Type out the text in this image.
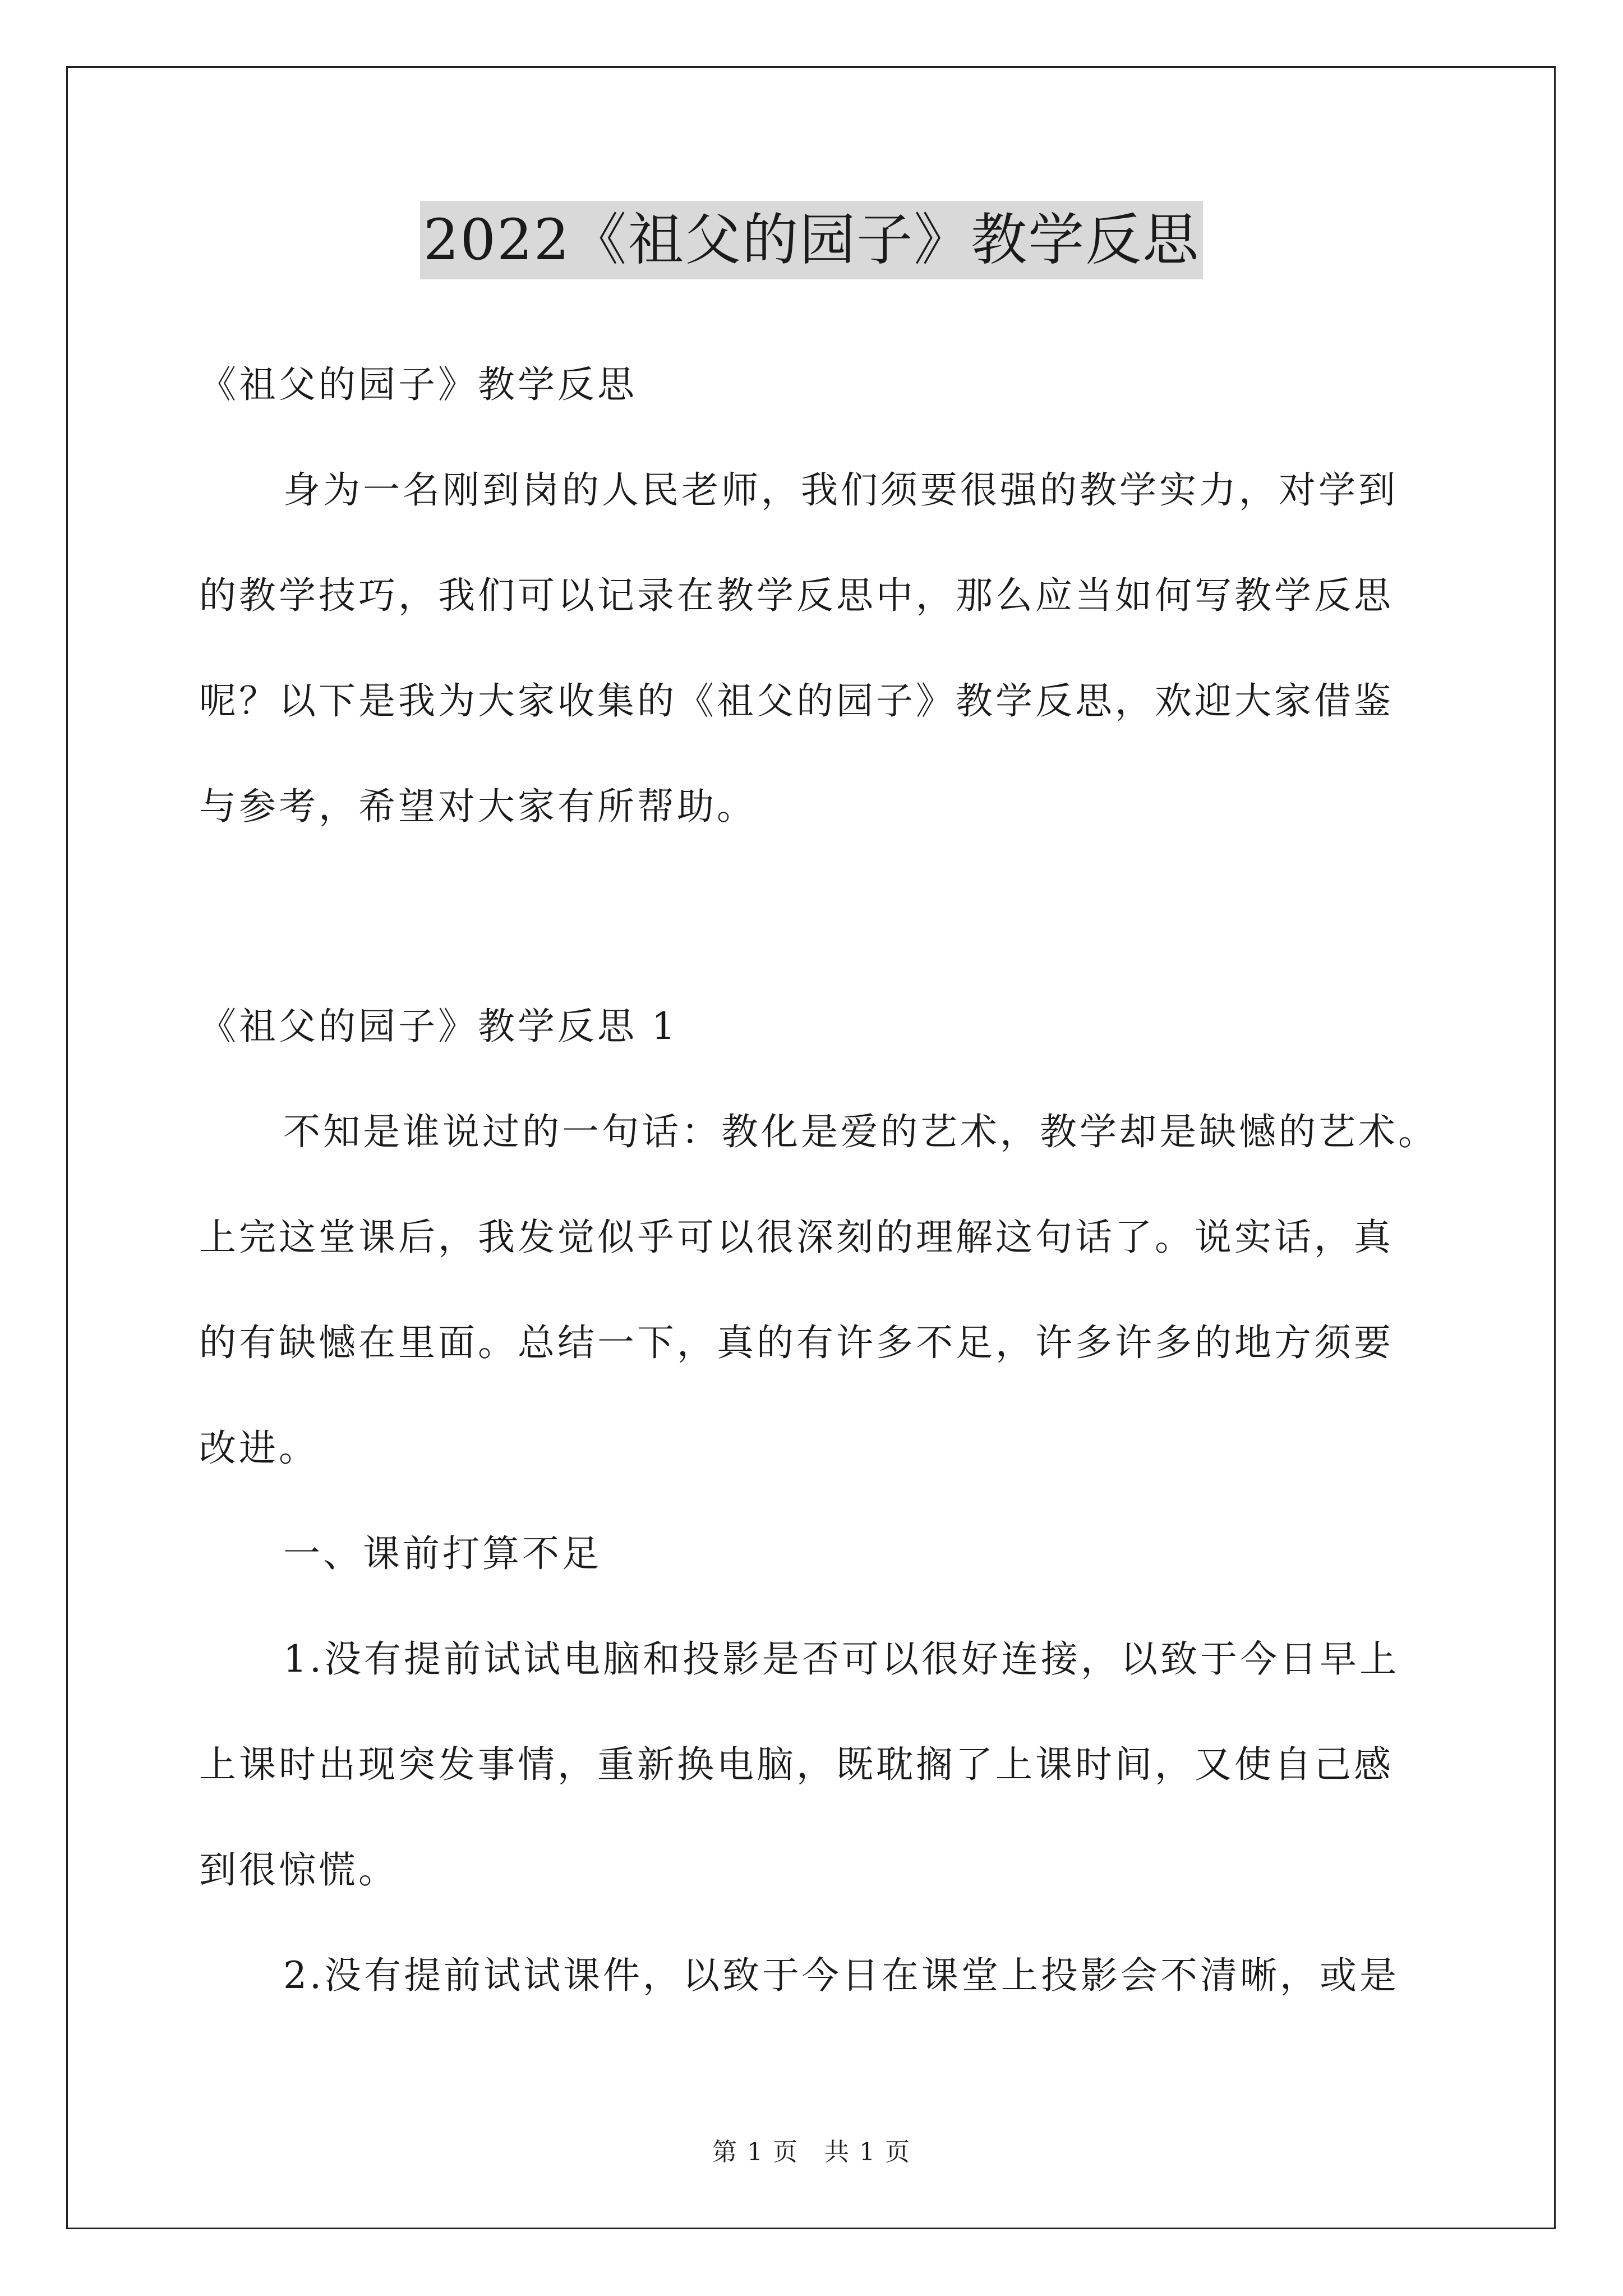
2022《祖父的园子》教学反思
《祖父的园子》教学反思
身为一名刚到岗的人民老师，我们须要很强的教学实力，对学到
的教学技巧，我们可以记录在教学反思中，那么应当如何写教学反思
呢？以下是我为大家收集的《祖父的园子》教学反思，欢迎大家借鉴
与参考，希望对大家有所帮助。
《祖父的园子》教学反思 1
不知是谁说过的一句话：教化是爱的艺术，教学却是缺憾的艺术。
上完这堂课后，我发觉似乎可以很深刻的理解这句话了。说实话，真
的有缺憾在里面。总结一下，真的有许多不足，许多许多的地方须要
改进。
一、课前打算不足
1.没有提前试试电脑和投影是否可以很好连接，以致于今日早上
上课时出现突发事情，重新换电脑，既耽搁了上课时间，又使自己感
到很惊慌。
2.没有提前试试课件，以致于今日在课堂上投影会不清晰，或是
第 1 页　共 1 页
